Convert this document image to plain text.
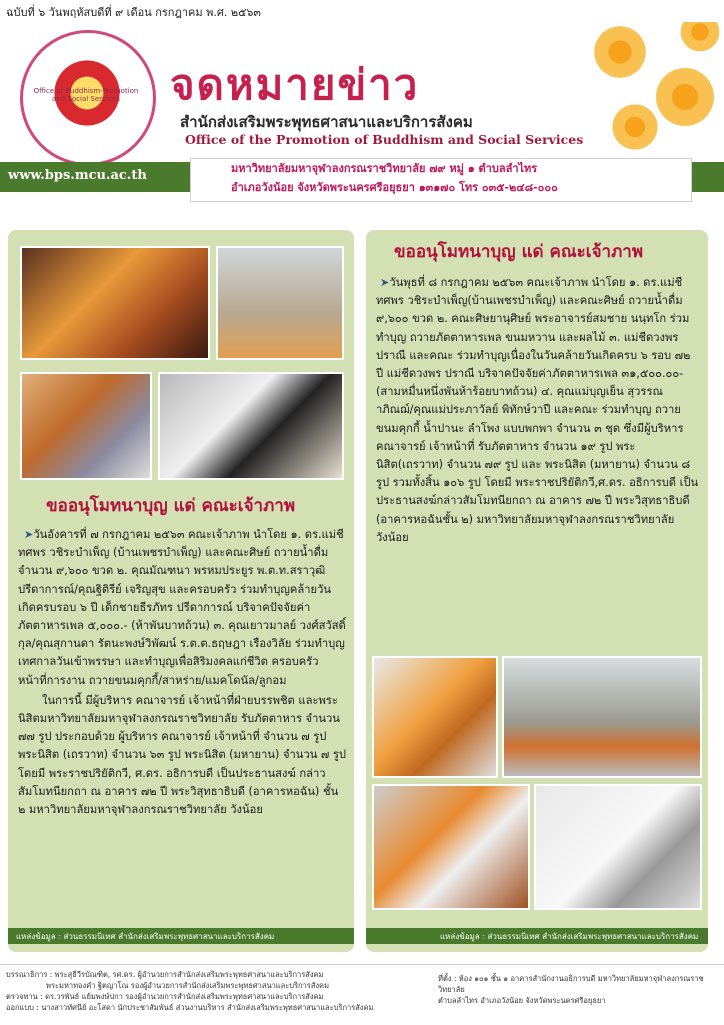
ฉบับที่ ๖ วันพฤหัสบดีที่ ๙ เดือน กรกฎาคม พ.ศ. ๒๕๖๓
Office of Buddhism-Promotion and Social Services	จดหมายข่าว
สำนักส่งเสริมพระพุทธศาสนาและบริการสังคม
Office of the Promotion of Buddhism and Social Services
www.bps.mcu.ac.th	มหาวิทยาลัยมหาจุฬาลงกรณราชวิทยาลัย ๗๙ หมู่ ๑ ตำบลลำไทร
อำเภอวังน้อย จังหวัดพระนครศรีอยุธยา ๑๓๑๗๐ โทร ๐๓๕-๒๔๘-๐๐๐
ขออนุโมทนาบุญ แด่ คณะเจ้าภาพ

➤วันอังคารที่ ๗ กรกฎาคม ๒๕๖๓ คณะเจ้าภาพ นำโดย ๑. ดร.แม่ชีทศพร วชิระบำเพ็ญ (บ้านเพชรบำเพ็ญ) และคณะศิษย์ ถวายน้ำดื่ม จำนวน ๙,๖๐๐ ขวด ๒. คุณมัณฑนา พรหมประยูร พ.ต.ท.สราวุฒิ ปรีดาการณ์/คุณฐิติรีย์ เจริญสุข และครอบครัว ร่วมทำบุญคล้ายวันเกิดครบรอบ ๖ ปี เด็กชายธีรภัทร ปรีดาการณ์ บริจาคปัจจัยค่าภัตตาหารเพล ๕,๐๐๐.- (ห้าพันบาทถ้วน) ๓. คุณเยาวมาลย์ วงศ์สวัสดิ์กุล/คุณสุกานดา รัตนะพงษ์วิพัฒน์ ร.ต.ต.ธฤษฎา เรืองวิลัย ร่วมทำบุญเทศกาลวันเข้าพรรษา และทำบุญเพื่อสิริมงคลแก่ชีวิต ครอบครัว หน้าที่การงาน ถวายขนมคุกกี้/สาหร่าย/แมคโดนัล/ลูกอม

ในการนี้ มีผู้บริหาร คณาจารย์ เจ้าหน้าที่ฝ่ายบรรพชิต และพระนิสิตมหาวิทยาลัยมหาจุฬาลงกรณราชวิทยาลัย รับภัตตาหาร จำนวน ๗๗ รูป ประกอบด้วย ผู้บริหาร คณาจารย์ เจ้าหน้าที่ จำนวน ๗ รูป พระนิสิต (เถรวาท) จำนวน ๖๓ รูป พระนิสิต (มหายาน) จำนวน ๗ รูป โดยมี พระราชปริยัติกวี, ศ.ดร. อธิการบดี เป็นประธานสงฆ์ กล่าวสัมโมทนียกถา ณ อาคาร ๗๒ ปี พระวิสุทธาธิบดี (อาคารหอฉัน) ชั้น ๒ มหาวิทยาลัยมหาจุฬาลงกรณราชวิทยาลัย วังน้อย

ขออนุโมทนาบุญ แด่ คณะเจ้าภาพ

➤วันพุธที่ ๘ กรกฎาคม ๒๕๖๓ คณะเจ้าภาพ นำโดย ๑. ดร.แม่ชีทศพร วชิระบำเพ็ญ(บ้านเพชรบำเพ็ญ) และคณะศิษย์ ถวายน้ำดื่ม ๙,๖๐๐ ขวด ๒. คณะศิษยานุศิษย์ พระอาจารย์สมชาย นนฺทโก ร่วมทำบุญ ถวายภัตตาหารเพล ขนมหวาน และผลไม้ ๓. แม่ชีดวงพร ปราณี และคณะ ร่วมทำบุญเนื่องในวันคล้ายวันเกิดครบ ๖ รอบ ๗๒ ปี แม่ชีดวงพร ปราณี บริจาคปัจจัยค่าภัตตาหารเพล ๓๑,๕๐๐.๐๐- (สามหมื่นหนึ่งพันห้าร้อยบาทถ้วน) ๔. คุณแม่บุญเย็น สุวรรณาภิณฌ์/คุณแม่ประภาวัลย์ พิทักษ์วาปี และคณะ ร่วมทำบุญ ถวายขนมคุกกี้ น้ำปานะ ลำโพง แบบพกพา จำนวน ๓ ชุด ซึ่งมีผู้บริหาร คณาจารย์ เจ้าหน้าที่ รับภัตตาหาร จำนวน ๑๙ รูป พระนิสิต(เถรวาท) จำนวน ๗๙ รูป และ พระนิสิต (มหายาน) จำนวน ๘ รูป รวมทั้งสิ้น ๑๐๖ รูป โดยมี พระราชปริยัติกวี,ศ.ดร. อธิการบดี เป็นประธานสงฆ์กล่าวสัมโมทนียกถา ณ อาคาร ๗๒ ปี พระวิสุทธาธิบดี (อาคารหอฉันชั้น ๒) มหาวิทยาลัยมหาจุฬาลงกรณราชวิทยาลัย วังน้อย

แหล่งข้อมูล : ส่วนธรรมนิเทศ สำนักส่งเสริมพระพุทธศาสนาและบริการสังคม	แหล่งข้อมูล : ส่วนธรรมนิเทศ สำนักส่งเสริมพระพุทธศาสนาและบริการสังคม
บรรณาธิการ : พระสุธีวีรบัณฑิต, รศ.ดร. ผู้อำนวยการสำนักส่งเสริมพระพุทธศาสนาและบริการสังคม
พระมหาทองคำ ฐิตญาโณ รองผู้อำนวยการสำนักส่งเสริมพระพุทธศาสนาและบริการสังคม
ตรวจทาน : ดร.วรพันธ์ แย้มพงษ์ปกา รองผู้อำนวยการสำนักส่งเสริมพระพุทธศาสนาและบริการสังคม
ออกแบบ : นางสาวทัศนีย์ อะโสดา นักประชาสัมพันธ์ ส่วนงานบริหาร สำนักส่งเสริมพระพุทธศาสนาและบริการสังคม
ที่ตั้ง : ห้อง ๑๐๑ ชั้น ๑ อาคารสำนักงานอธิการบดี มหาวิทยาลัยมหาจุฬาลงกรณราชวิทยาลัย
ตำบลลำไทร อำเภอวังน้อย จังหวัดพระนครศรีอยุธยา
